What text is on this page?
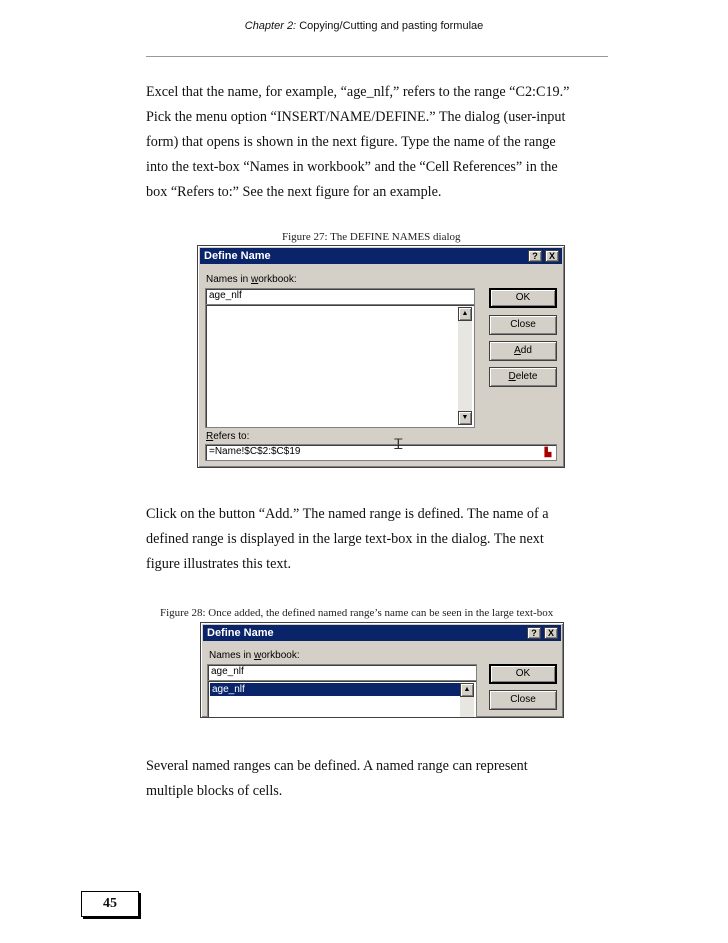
Chapter 2: Copying/Cutting and pasting formulae
Excel that the name, for example, “age_nlf,” refers to the range “C2:C19.”
Pick the menu option “INSERT/NAME/DEFINE.” The dialog (user-input
form) that opens is shown in the next figure. Type the name of the range
into the text-box “Names in workbook” and the “Cell References” in the
box “Refers to:” See the next figure for an example.
Figure 27: The DEFINE NAMES dialog
Define Name	?	X
Names in workbook:
age_nlf
▲
▼
OK
Close
Add
Delete
Refers to:
=Name!$C$2:$C$19	▙
Ꮖ
Click on the button “Add.” The named range is defined. The name of a
defined range is displayed in the large text-box in the dialog. The next
figure illustrates this text.
Figure 28: Once added, the defined named range’s name can be seen in the large text-box
Define Name	?	X
Names in workbook:
age_nlf
age_nlf	▲
OK
Close
Several named ranges can be defined. A named range can represent
multiple blocks of cells.
45
